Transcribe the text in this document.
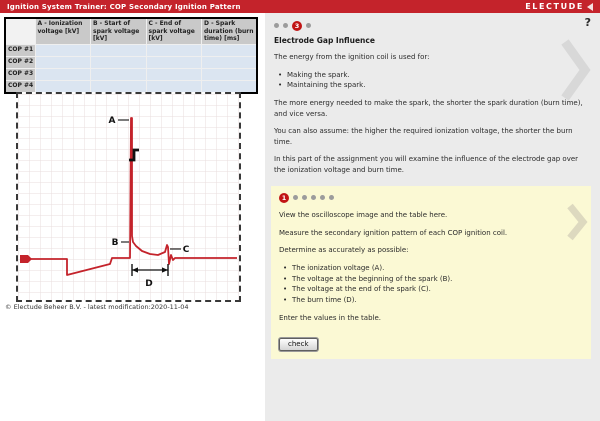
Ignition System Trainer: COP Secondary Ignition Pattern	ELECTUDE
	A - Ionization voltage [kV]	B - Start of spark voltage [kV]	C - End of spark voltage [kV]	D - Spark duration (burn time) [ms]
COP #1				
COP #2				
COP #3				
COP #4				
A
B
C
D
© Electude Beheer B.V. - latest modification:2020-11-04
3	?
Electrode Gap Influence

The energy from the ignition coil is used for:

• Making the spark.
• Maintaining the spark.

The more energy needed to make the spark, the shorter the spark duration (burn time), and vice versa.

You can also assume: the higher the required ionization voltage, the shorter the burn time.

In this part of the assignment you will examine the influence of the electrode gap over the ionization voltage and burn time.

1

View the oscilloscope image and the table here.

Measure the secondary ignition pattern of each COP ignition coil.

Determine as accurately as possible:

• The ionization voltage (A).
• The voltage at the beginning of the spark (B).
• The voltage at the end of the spark (C).
• The burn time (D).

Enter the values in the table.

check
